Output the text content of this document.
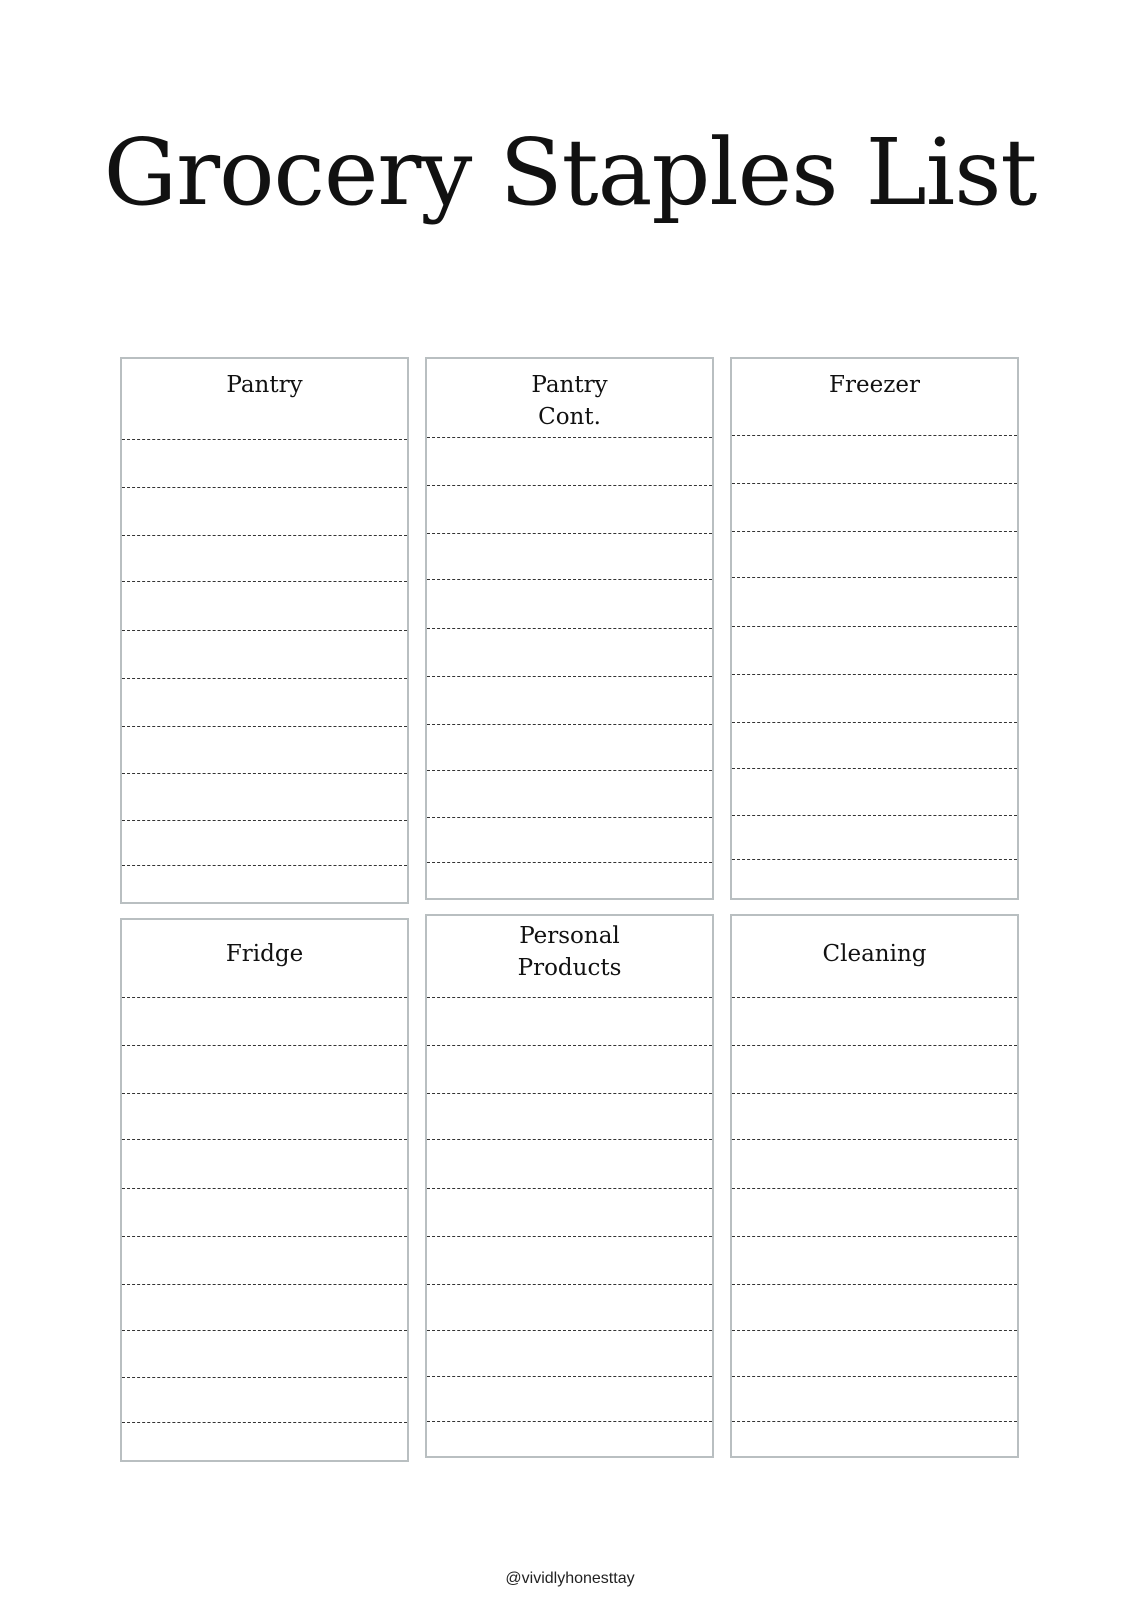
Grocery Staples List
Pantry	Pantry
Cont.
Freezer
Fridge
Personal
Products
Cleaning
@vividlyhonesttay
